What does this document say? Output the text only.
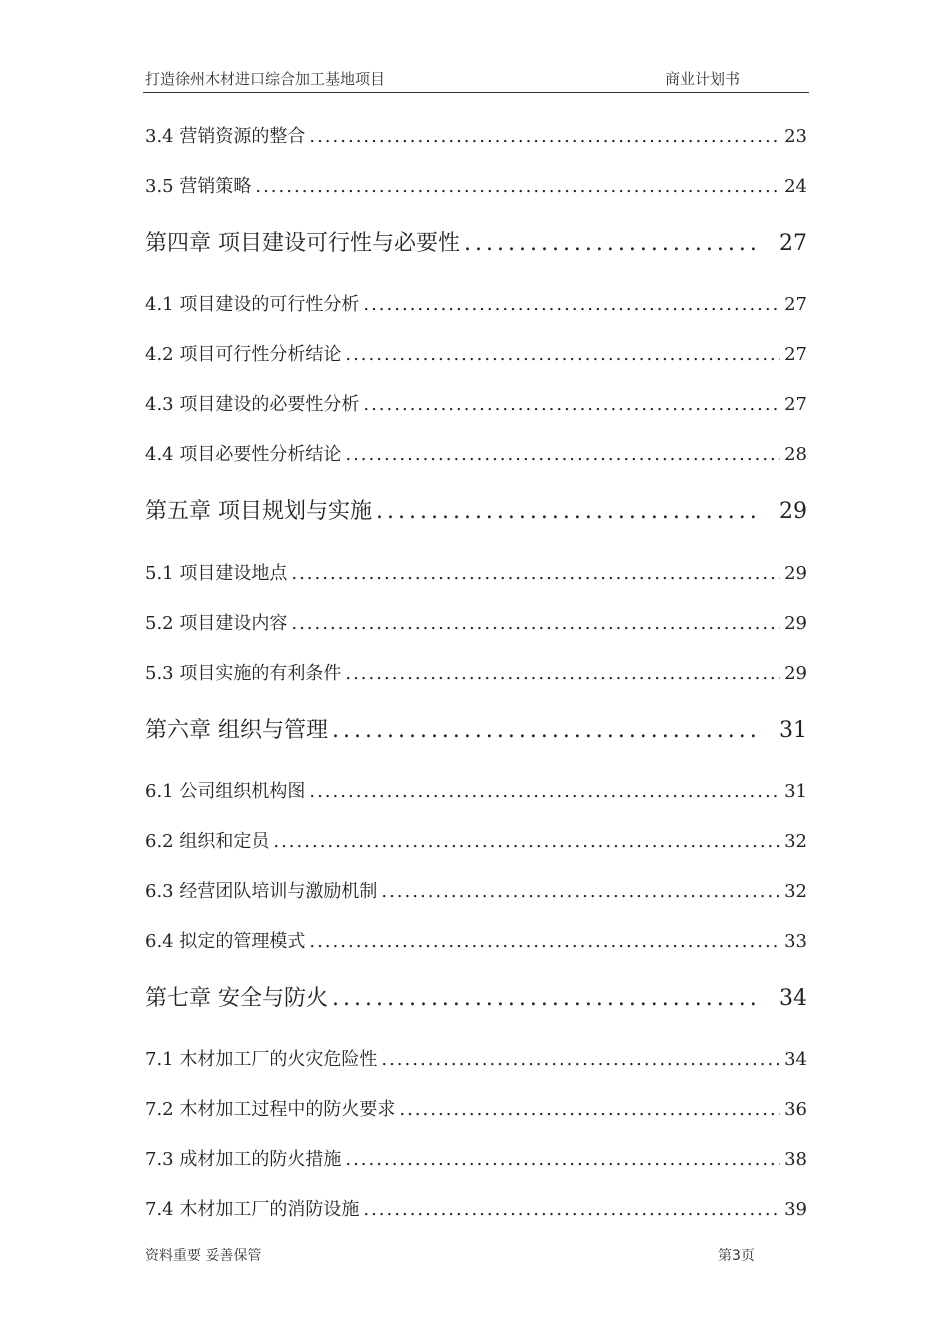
打造徐州木材进口综合加工基地项目	商业计划书
3.4 营销资源的整合 .....	23
3.5 营销策略 .....	24
第四章 项目建设可行性与必要性 .....	27
4.1 项目建设的可行性分析 .....	27
4.2 项目可行性分析结论 .....	27
4.3 项目建设的必要性分析 .....	27
4.4 项目必要性分析结论 .....	28
第五章 项目规划与实施 .....	29
5.1 项目建设地点 .....	29
5.2 项目建设内容 .....	29
5.3 项目实施的有利条件 .....	29
第六章 组织与管理 .....	31
6.1 公司组织机构图 .....	31
6.2 组织和定员 .....	32
6.3 经营团队培训与激励机制 .....	32
6.4 拟定的管理模式 .....	33
第七章 安全与防火 .....	34
7.1 木材加工厂的火灾危险性 .....	34
7.2 木材加工过程中的防火要求 .....	36
7.3 成材加工的防火措施 .....	38
7.4 木材加工厂的消防设施 .....	39
资料重要 妥善保管	第3页
